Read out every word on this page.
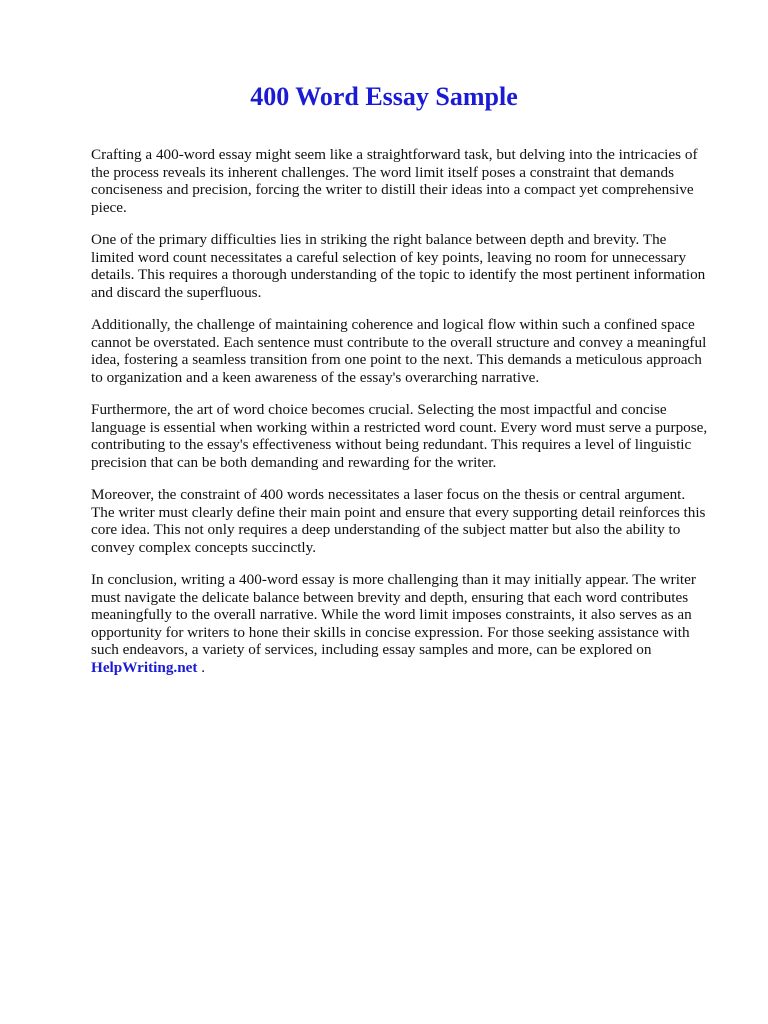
400 Word Essay Sample

Crafting a 400-word essay might seem like a straightforward task, but delving into the intricacies of the process reveals its inherent challenges. The word limit itself poses a constraint that demands conciseness and precision, forcing the writer to distill their ideas into a compact yet comprehensive piece.

One of the primary difficulties lies in striking the right balance between depth and brevity. The limited word count necessitates a careful selection of key points, leaving no room for unnecessary details. This requires a thorough understanding of the topic to identify the most pertinent information and discard the superfluous.

Additionally, the challenge of maintaining coherence and logical flow within such a confined space cannot be overstated. Each sentence must contribute to the overall structure and convey a meaningful idea, fostering a seamless transition from one point to the next. This demands a meticulous approach to organization and a keen awareness of the essay's overarching narrative.

Furthermore, the art of word choice becomes crucial. Selecting the most impactful and concise language is essential when working within a restricted word count. Every word must serve a purpose, contributing to the essay's effectiveness without being redundant. This requires a level of linguistic precision that can be both demanding and rewarding for the writer.

Moreover, the constraint of 400 words necessitates a laser focus on the thesis or central argument. The writer must clearly define their main point and ensure that every supporting detail reinforces this core idea. This not only requires a deep understanding of the subject matter but also the ability to convey complex concepts succinctly.

In conclusion, writing a 400-word essay is more challenging than it may initially appear. The writer must navigate the delicate balance between brevity and depth, ensuring that each word contributes meaningfully to the overall narrative. While the word limit imposes constraints, it also serves as an opportunity for writers to hone their skills in concise expression. For those seeking assistance with such endeavors, a variety of services, including essay samples and more, can be explored on
HelpWriting.net .
